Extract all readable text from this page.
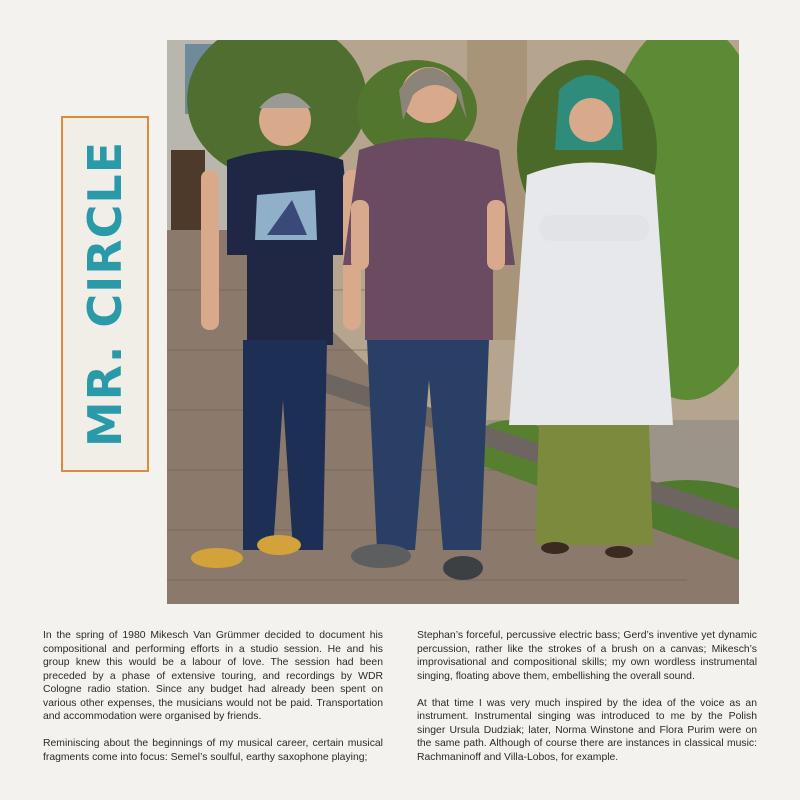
MR. CIRCLE

In the spring of 1980 Mikesch Van Grümmer decided to document his compositional and performing efforts in a studio session. He and his group knew this would be a labour of love. The session had been preceded by a phase of extensive touring, and recordings by WDR Cologne radio station. Since any budget had already been spent on various other expenses, the musicians would not be paid. Transportation and accommodation were organised by friends.

Reminiscing about the beginnings of my musical career, certain musical fragments come into focus: Semel’s soulful, earthy saxophone playing;

Stephan’s forceful, percussive electric bass; Gerd’s inventive yet dynamic percussion, rather like the strokes of a brush on a canvas; Mikesch’s improvisational and compositional skills; my own wordless instrumental singing, floating above them, embellishing the overall sound.

At that time I was very much inspired by the idea of the voice as an instrument. Instrumental singing was introduced to me by the Polish singer Ursula Dudziak; later, Norma Winstone and Flora Purim were on the same path. Although of course there are instances in classical music: Rachmaninoff and Villa-Lobos, for example.
